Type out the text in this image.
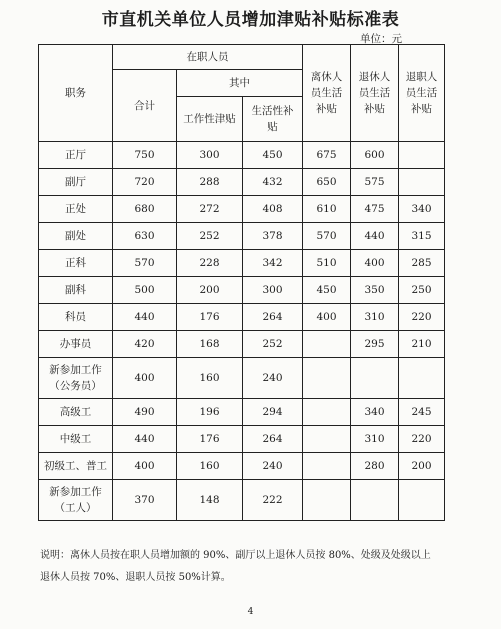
市直机关单位人员增加津贴补贴标准表
单位：元
职务	在职人员			离休人员生活补贴	退休人员生活补贴	退职人员生活补贴

	合计	其中				
		工作性津贴	生活性补贴			

正厅	750	300	450	675	600	

副厅	720	288	432	650	575	

正处	680	272	408	610	475	340

副处	630	252	378	570	440	315

正科	570	228	342	510	400	285

副科	500	200	300	450	350	250

科员	440	176	264	400	310	220

办事员	420	168	252		295	210

新参加工作（公务员）	400	160	240			

高级工	490	196	294		340	245

中级工	440	176	264		310	220

初级工、普工	400	160	240		280	200

新参加工作（工人）	370	148	222			
说明：离休人员按在职人员增加额的 90%、副厅以上退休人员按 80%、处级及处级以上
退休人员按 70%、退职人员按 50%计算。
4
